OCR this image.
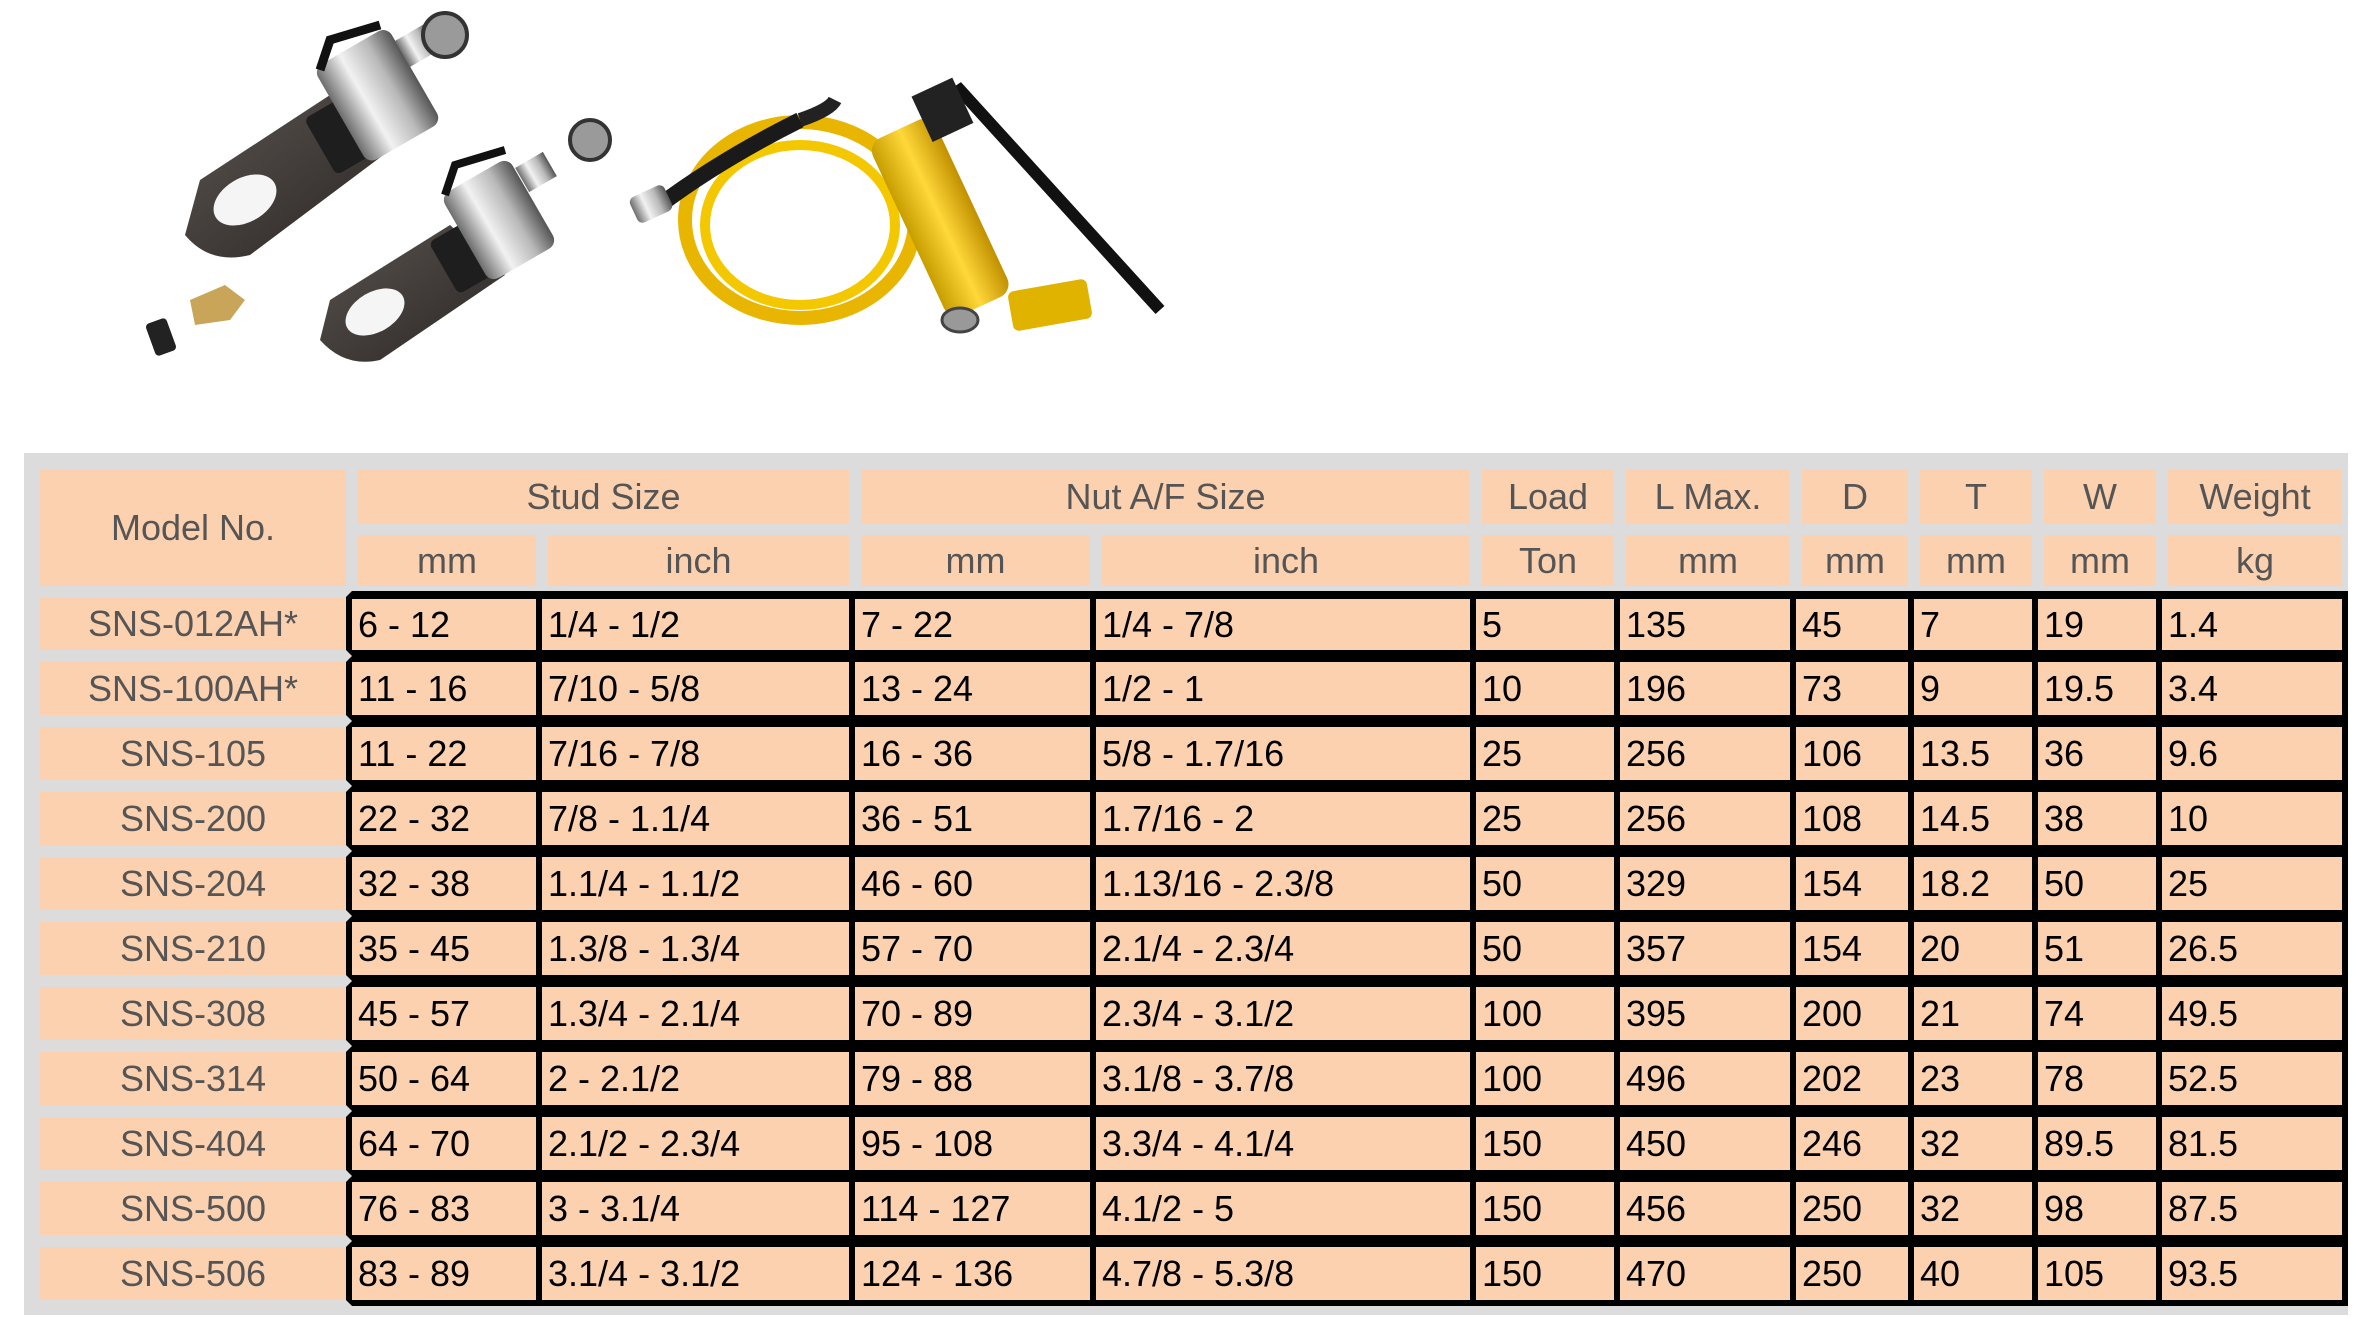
Model No.	Stud Size		Nut A/F Size		Load	L Max.	D	T	W	Weight
	mm	inch	mm	inch	Ton	mm	mm	mm	mm	kg
SNS-012AH*	6 - 12	1/4 - 1/2	7 - 22	1/4 - 7/8	5	135	45	7	19	1.4
SNS-100AH*	11 - 16	7/10 - 5/8	13 - 24	1/2 - 1	10	196	73	9	19.5	3.4
SNS-105	11 - 22	7/16 - 7/8	16 - 36	5/8 - 1.7/16	25	256	106	13.5	36	9.6
SNS-200	22 - 32	7/8 - 1.1/4	36 - 51	1.7/16 - 2	25	256	108	14.5	38	10
SNS-204	32 - 38	1.1/4 - 1.1/2	46 - 60	1.13/16 - 2.3/8	50	329	154	18.2	50	25
SNS-210	35 - 45	1.3/8 - 1.3/4	57 - 70	2.1/4 - 2.3/4	50	357	154	20	51	26.5
SNS-308	45 - 57	1.3/4 - 2.1/4	70 - 89	2.3/4 - 3.1/2	100	395	200	21	74	49.5
SNS-314	50 - 64	2 - 2.1/2	79 - 88	3.1/8 - 3.7/8	100	496	202	23	78	52.5
SNS-404	64 - 70	2.1/2 - 2.3/4	95 - 108	3.3/4 - 4.1/4	150	450	246	32	89.5	81.5
SNS-500	76 - 83	3 - 3.1/4	114 - 127	4.1/2 - 5	150	456	250	32	98	87.5
SNS-506	83 - 89	3.1/4 - 3.1/2	124 - 136	4.7/8 - 5.3/8	150	470	250	40	105	93.5
